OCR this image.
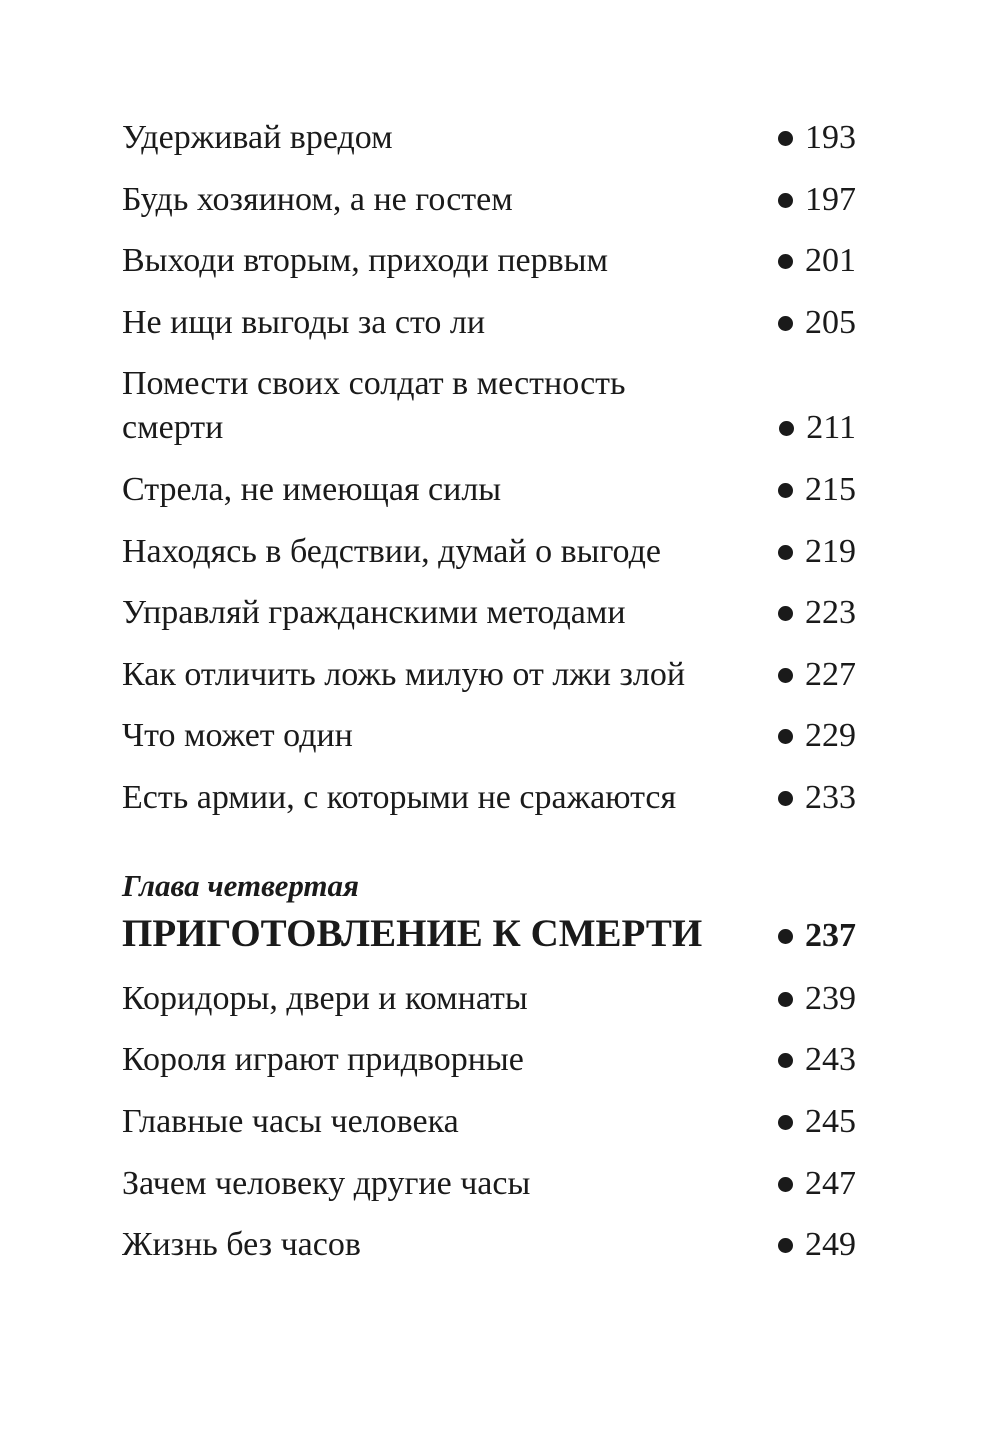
Удерживай вредом	193
Будь хозяином, а не гостем	197
Выходи вторым, приходи первым	201
Не ищи выгоды за сто ли	205
Помести своих солдат в местность смерти	211
Стрела, не имеющая силы	215
Находясь в бедствии, думай о выгоде	219
Управляй гражданскими методами	223
Как отличить ложь милую от лжи злой	227
Что может один	229
Есть армии, с которыми не сражаются	233
Глава четвертая
ПРИГОТОВЛЕНИЕ К СМЕРТИ	237
Коридоры, двери и комнаты	239
Короля играют придворные	243
Главные часы человека	245
Зачем человеку другие часы	247
Жизнь без часов	249
